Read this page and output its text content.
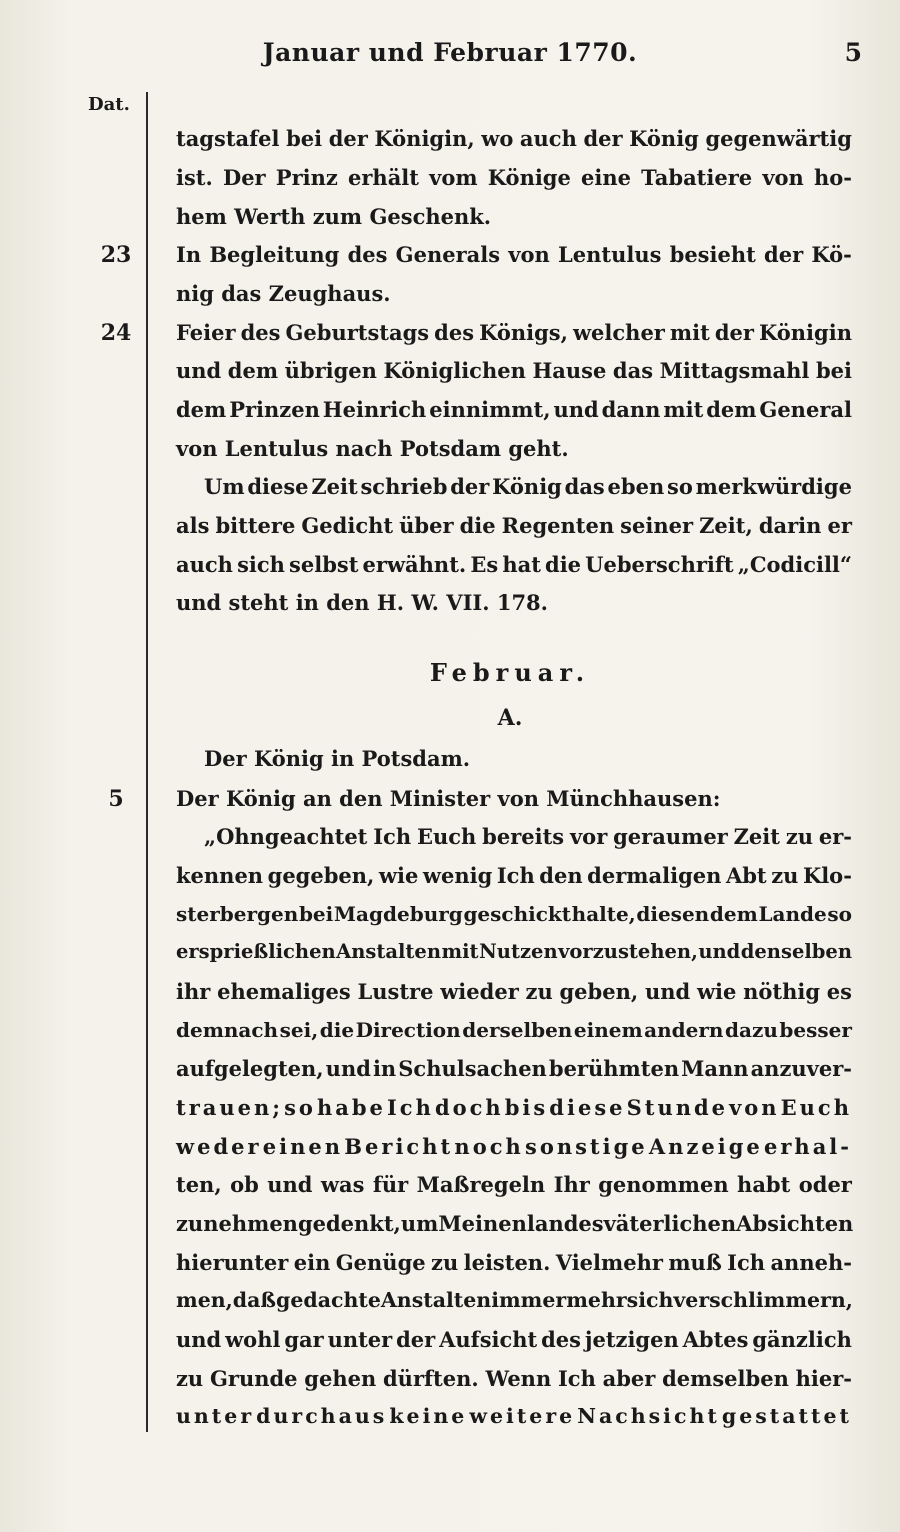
Januar und Februar 1770.	5
Dat.
23
24
5
tagstafel bei der Königin, wo auch der König gegenwärtig
ist. Der Prinz erhält vom Könige eine Tabatiere von ho-
hem Werth zum Geschenk.
In Begleitung des Generals von Lentulus besieht der Kö-
nig das Zeughaus.
Feier des Geburtstags des Königs, welcher mit der Königin
und dem übrigen Königlichen Hause das Mittagsmahl bei
dem Prinzen Heinrich einnimmt, und dann mit dem General
von Lentulus nach Potsdam geht.
Um diese Zeit schrieb der König das eben so merkwürdige
als bittere Gedicht über die Regenten seiner Zeit, darin er
auch sich selbst erwähnt. Es hat die Ueberschrift „Codicill“
und steht in den H. W. VII. 178.
Februar.
A.
Der König in Potsdam.
Der König an den Minister von Münchhausen:
„Ohngeachtet Ich Euch bereits vor geraumer Zeit zu er-
kennen gegeben, wie wenig Ich den dermaligen Abt zu Klo-
sterbergen bei Magdeburg geschickt halte, diesen dem Lande so
ersprießlichen Anstalten mit Nutzen vorzustehen, und denselben
ihr ehemaliges Lustre wieder zu geben, und wie nöthig es
demnach sei, die Direction derselben einem andern dazu besser
aufgelegten, und in Schulsachen berühmten Mann anzuver-
trauen; so habe Ich doch bis diese Stunde von Euch
weder einen Bericht noch sonstige Anzeige erhal-
ten, ob und was für Maßregeln Ihr genommen habt oder
zu nehmen gedenkt, um Meinen landesväterlichen Absichten
hierunter ein Genüge zu leisten. Vielmehr muß Ich anneh-
men, daß gedachte Anstalten immer mehr sich verschlimmern,
und wohl gar unter der Aufsicht des jetzigen Abtes gänzlich
zu Grunde gehen dürften. Wenn Ich aber demselben hier-
unter durchaus keine weitere Nachsicht gestattet
